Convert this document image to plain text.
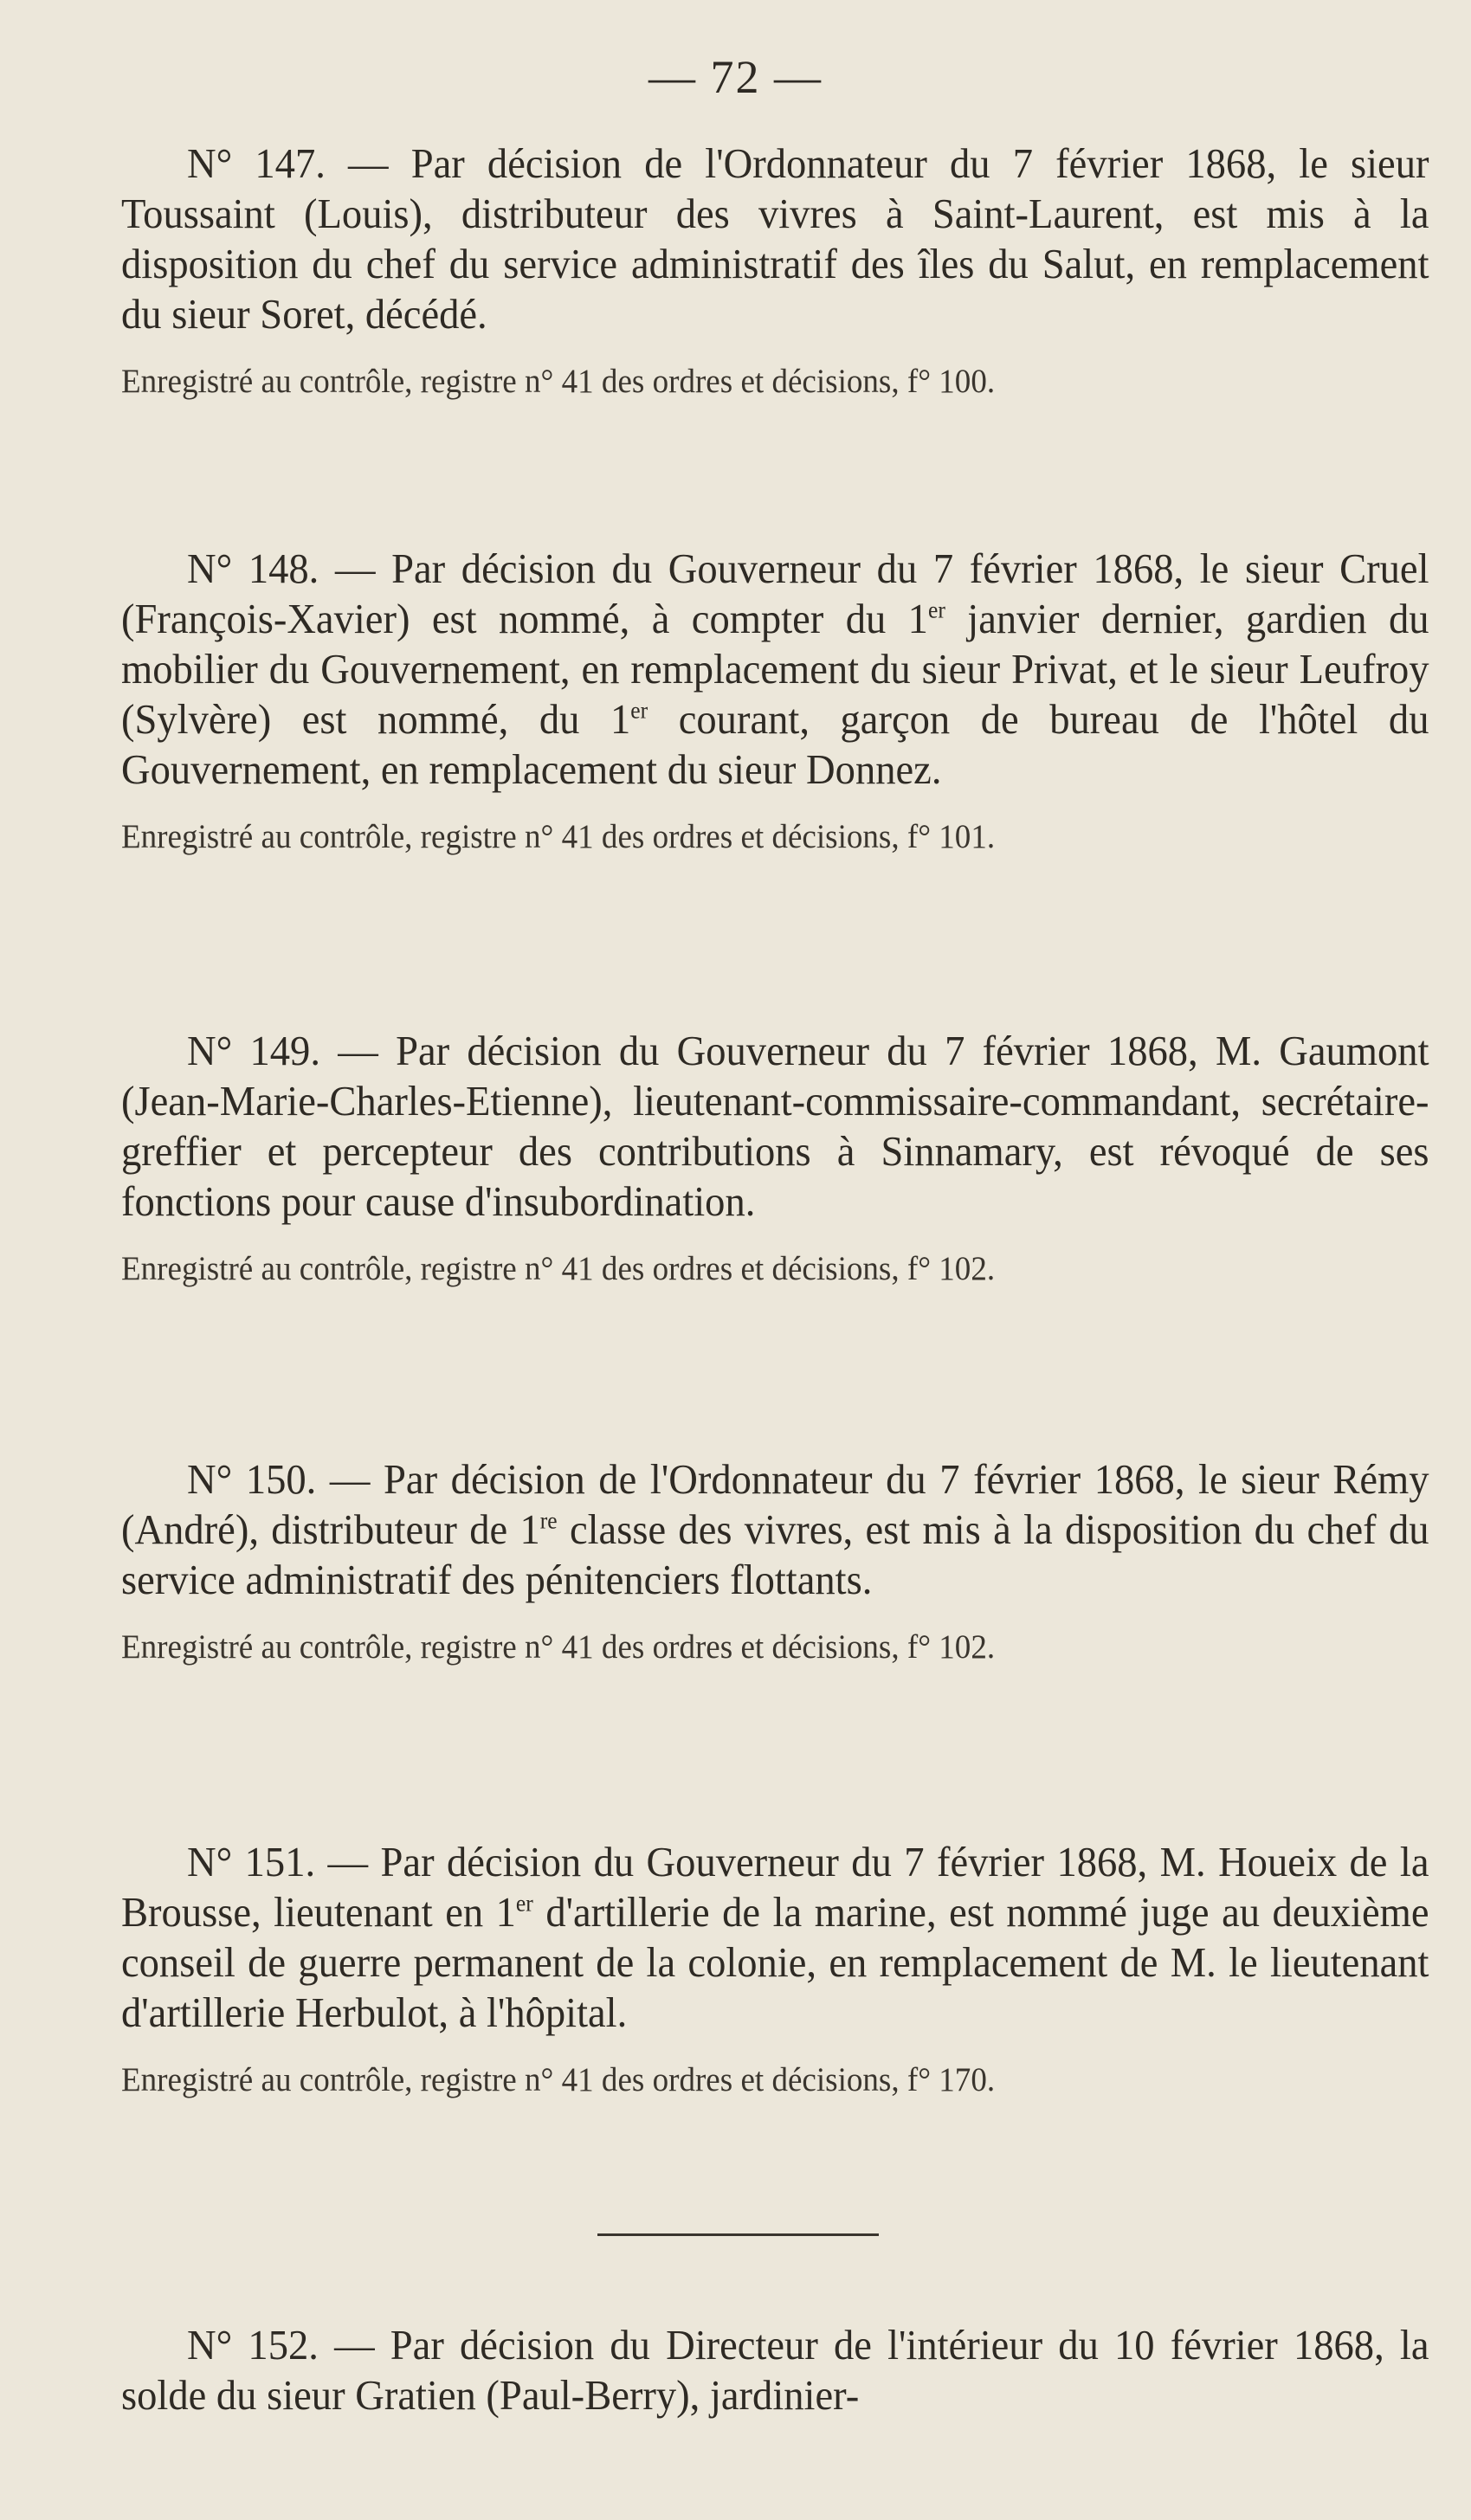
— 72 —

N° 147. — Par décision de l'Ordonnateur du 7 février 1868, le sieur Toussaint (Louis), distributeur des vivres à Saint-Laurent, est mis à la disposition du chef du service administratif des îles du Salut, en remplacement du sieur Soret, décédé.

Enregistré au contrôle, registre n° 41 des ordres et décisions, f° 100.

N° 148. — Par décision du Gouverneur du 7 février 1868, le sieur Cruel (François-Xavier) est nommé, à compter du 1er janvier dernier, gardien du mobilier du Gouvernement, en remplacement du sieur Privat, et le sieur Leufroy (Sylvère) est nommé, du 1er courant, garçon de bureau de l'hôtel du Gouvernement, en remplacement du sieur Donnez.

Enregistré au contrôle, registre n° 41 des ordres et décisions, f° 101.

N° 149. — Par décision du Gouverneur du 7 février 1868, M. Gaumont (Jean-Marie-Charles-Etienne), lieutenant-commissaire-commandant, secrétaire-greffier et percepteur des contributions à Sinnamary, est révoqué de ses fonctions pour cause d'insubordination.

Enregistré au contrôle, registre n° 41 des ordres et décisions, f° 102.

N° 150. — Par décision de l'Ordonnateur du 7 février 1868, le sieur Rémy (André), distributeur de 1re classe des vivres, est mis à la disposition du chef du service administratif des pénitenciers flottants.

Enregistré au contrôle, registre n° 41 des ordres et décisions, f° 102.

N° 151. — Par décision du Gouverneur du 7 février 1868, M. Houeix de la Brousse, lieutenant en 1er d'artillerie de la marine, est nommé juge au deuxième conseil de guerre permanent de la colonie, en remplacement de M. le lieutenant d'artillerie Herbulot, à l'hôpital.

Enregistré au contrôle, registre n° 41 des ordres et décisions, f° 170.

N° 152. — Par décision du Directeur de l'intérieur du 10 février 1868, la solde du sieur Gratien (Paul-Berry), jardinier-
